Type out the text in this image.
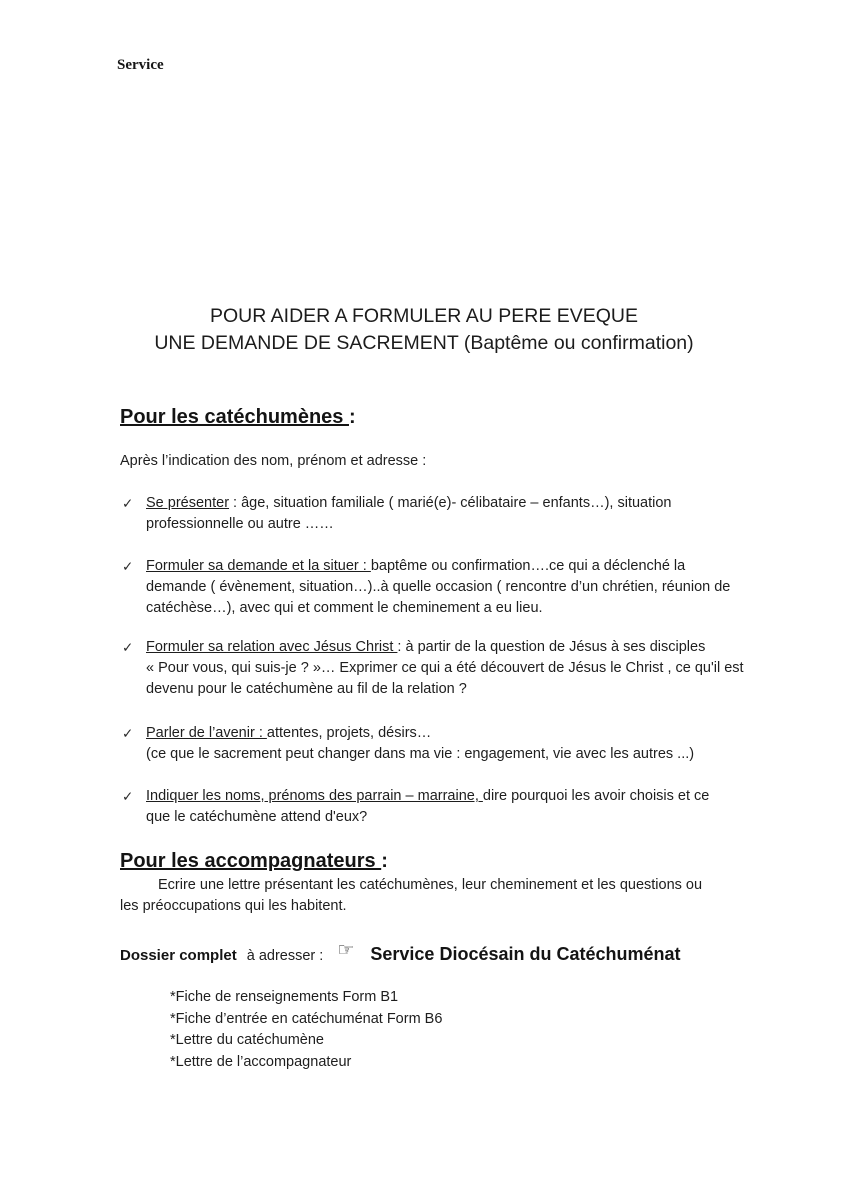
Service
POUR AIDER A FORMULER AU PERE EVEQUE
UNE DEMANDE DE SACREMENT (Baptême ou confirmation)
Pour les catéchumènes :
Après l’indication des nom, prénom et adresse :
✓ Se présenter : âge, situation familiale ( marié(e)- célibataire – enfants…), situation
professionnelle ou autre ……
✓ Formuler sa demande et la situer : baptême ou confirmation….ce qui a déclenché la
demande ( évènement, situation…)..à quelle occasion ( rencontre d’un chrétien, réunion de
catéchèse…), avec qui et comment le cheminement a eu lieu.
✓ Formuler sa relation avec Jésus Christ : à partir de la question de Jésus à ses disciples
« Pour vous, qui suis-je ? »… Exprimer ce qui a été découvert de Jésus le Christ , ce qu'il est
devenu pour le catéchumène au fil de la relation ?
✓ Parler de l’avenir : attentes, projets, désirs…
(ce que le sacrement peut changer dans ma vie : engagement, vie avec les autres ...)
✓ Indiquer les noms, prénoms des parrain – marraine, dire pourquoi les avoir choisis et ce
que le catéchumène attend d'eux?
Pour les accompagnateurs :
Ecrire une lettre présentant les catéchumènes, leur cheminement et les questions ou
les préoccupations qui les habitent.
Dossier complet à adresser : ☞ Service Diocésain du Catéchuménat
*Fiche de renseignements Form B1
*Fiche d’entrée en catéchuménat Form B6
*Lettre du catéchumène
*Lettre de l’accompagnateur
